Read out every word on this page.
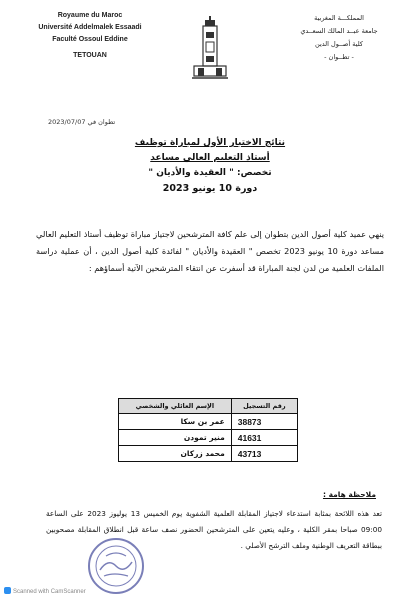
Royaume du Maroc
Université Addelmalek Essaadi
Faculté Ossoul Eddine
TETOUAN
المملكـــة المغربية
جامعة عبــد المالك السعــدي
كلية أصــول الدين
- تطــوان -
تطوان في 2023/07/07
نتائج الاختبار الأول لمباراة توظيف
أستاذ التعليم العالي مساعد
تخصص: " العقيدة والأديان "
دورة 10 يونيو 2023
ينهي عميد كلية أصول الدين بتطوان إلى علم كافة المترشحين لاجتياز مباراة توظيف أستاذ التعليم العالي مساعد دورة 10 يونيو 2023 تخصص " العقيدة والأديان " لفائدة كلية أصول الدين ، أن عملية دراسة الملفات العلمية من لدن لجنة المباراة قد أسفرت عن انتقاء المترشحين الآتية أسماؤهم :
رقم التسجيل	الإسم العائلي والشخصي
38873	عمر بن سكا
41631	منير تمودن
43713	محمد زركان
ملاحظة هامة :
تعد هذه اللائحة بمثابة استدعاء لاجتياز المقابلة العلمية الشفوية يوم الخميس 13 يوليوز 2023 على الساعة 09:00 صباحا بمقر الكلية ، وعليه يتعين على المترشحين الحضور نصف ساعة قبل انطلاق المقابلة مصحوبين ببطاقة التعريف الوطنية وملف الترشح الأصلي .
Scanned with CamScanner
